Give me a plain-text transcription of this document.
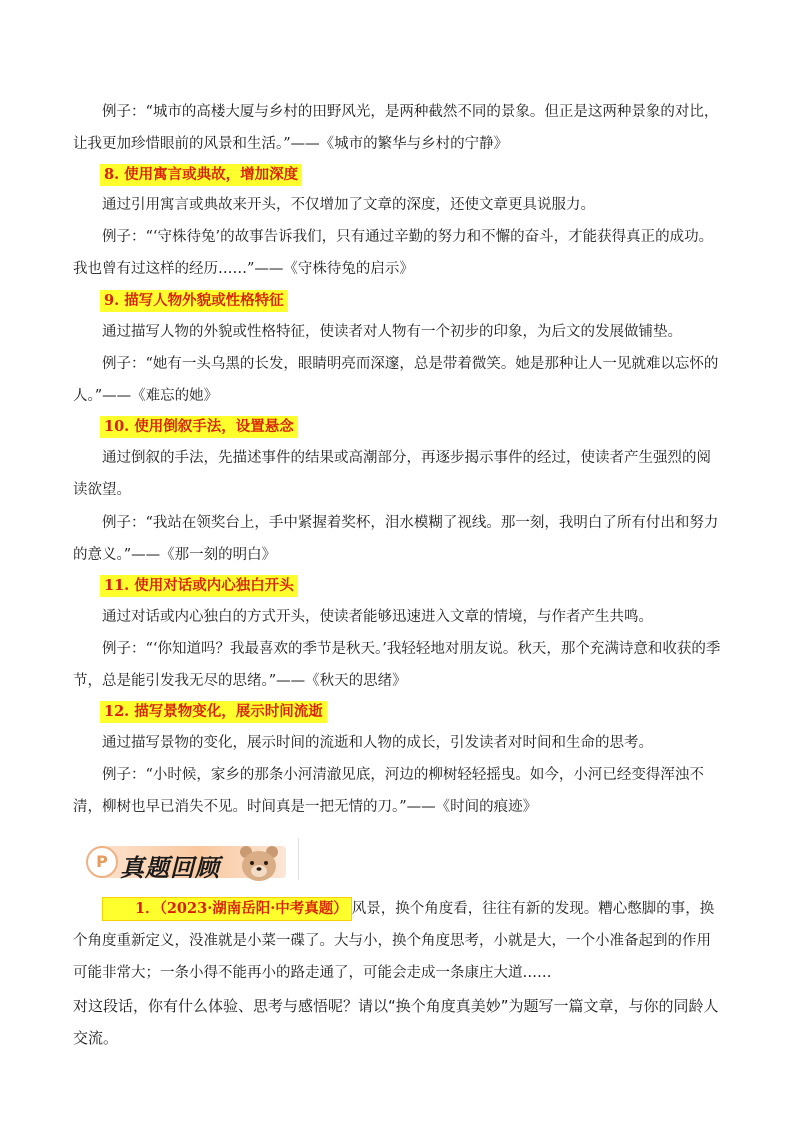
例子：“城市的高楼大厦与乡村的田野风光，是两种截然不同的景象。但正是这两种景象的对比，让我更加珍惜眼前的风景和生活。”——《城市的繁华与乡村的宁静》

8. 使用寓言或典故，增加深度

通过引用寓言或典故来开头，不仅增加了文章的深度，还使文章更具说服力。

例子：“‘守株待兔’的故事告诉我们，只有通过辛勤的努力和不懈的奋斗，才能获得真正的成功。我也曾有过这样的经历……”——《守株待兔的启示》

9. 描写人物外貌或性格特征

通过描写人物的外貌或性格特征，使读者对人物有一个初步的印象，为后文的发展做铺垫。

例子：“她有一头乌黑的长发，眼睛明亮而深邃，总是带着微笑。她是那种让人一见就难以忘怀的人。”——《难忘的她》

10. 使用倒叙手法，设置悬念

通过倒叙的手法，先描述事件的结果或高潮部分，再逐步揭示事件的经过，使读者产生强烈的阅读欲望。

例子：“我站在领奖台上，手中紧握着奖杯，泪水模糊了视线。那一刻，我明白了所有付出和努力的意义。”——《那一刻的明白》

11. 使用对话或内心独白开头

通过对话或内心独白的方式开头，使读者能够迅速进入文章的情境，与作者产生共鸣。

例子：“‘你知道吗？我最喜欢的季节是秋天。’我轻轻地对朋友说。秋天，那个充满诗意和收获的季节，总是能引发我无尽的思绪。”——《秋天的思绪》

12. 描写景物变化，展示时间流逝

通过描写景物的变化，展示时间的流逝和人物的成长，引发读者对时间和生命的思考。

例子：“小时候，家乡的那条小河清澈见底，河边的柳树轻轻摇曳。如今，小河已经变得浑浊不清，柳树也早已消失不见。时间真是一把无情的刀。”——《时间的痕迹》

P 真题回顾

1．（2023·湖南岳阳·中考真题） 风景，换个角度看，往往有新的发现。糟心憋脚的事，换个角度重新定义，没准就是小菜一碟了。大与小，换个角度思考，小就是大，一个小准备起到的作用可能非常大；一条小得不能再小的路走通了，可能会走成一条康庄大道……

对这段话，你有什么体验、思考与感悟呢？请以“换个角度真美妙”为题写一篇文章，与你的同龄人交流。
